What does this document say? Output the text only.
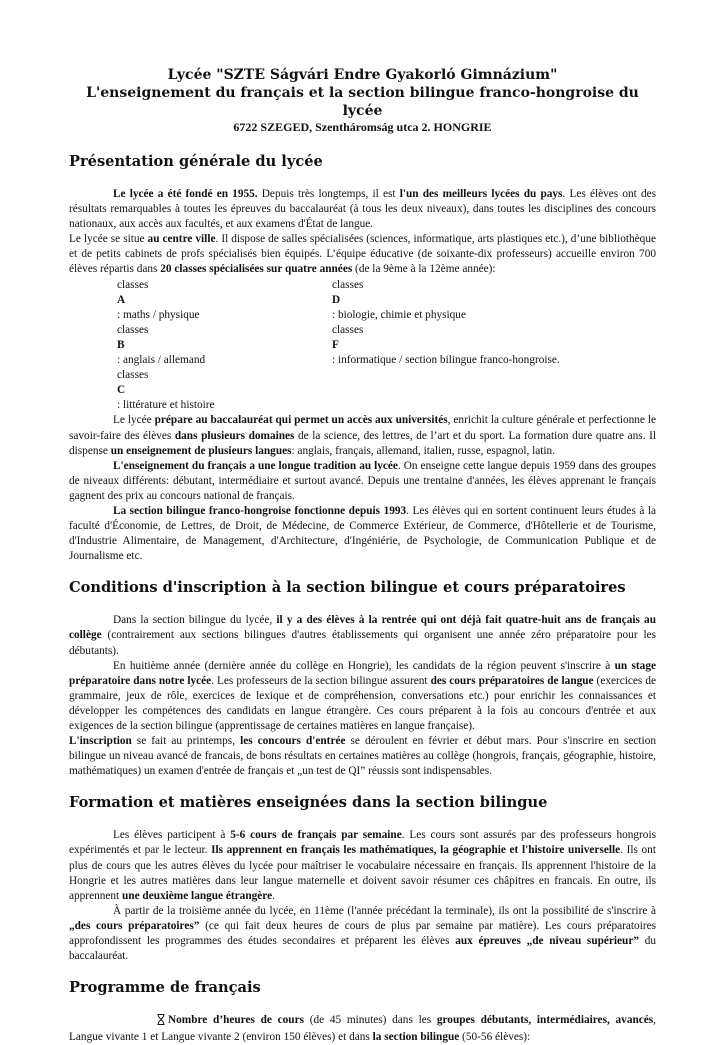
Lycée "SZTE Ságvári Endre Gyakorló Gimnázium"
L'enseignement du français et la section bilingue franco-hongroise du lycée
6722 SZEGED, Szentháromság utca 2. HONGRIE
Présentation générale du lycée

Le lycée a été fondé en 1955. Depuis très longtemps, il est l'un des meilleurs lycées du pays. Les élèves ont des résultats remarquables à toutes les épreuves du baccalauréat (à tous les deux niveaux), dans toutes les disciplines des concours nationaux, aux accès aux facultés, et aux examens d'État de langue.

Le lycée se situe au centre ville. Il dispose de salles spécialisées (sciences, informatique, arts plastiques etc.), d’une bibliothèque et de petits cabinets de profs spécialisés bien équipés. L’équipe éducative (de soixante-dix professeurs) accueille environ 700 élèves répartis dans 20 classes spécialisées sur quatre années (de la 9ème à la 12ème année):

classes
A
: maths / physique
classes
D
: biologie, chimie et physique
classes
B
: anglais / allemand
classes
F
: informatique / section bilingue franco-hongroise.
classes
C
: littérature et histoire

Le lycée prépare au baccalauréat qui permet un accès aux universités, enrichit la culture générale et perfectionne le savoir-faire des élèves dans plusieurs domaines de la science, des lettres, de l’art et du sport. La formation dure quatre ans. Il dispense un enseignement de plusieurs langues: anglais, français, allemand, italien, russe, espagnol, latin.

L'enseignement du français a une longue tradition au lycée. On enseigne cette langue depuis 1959 dans des groupes de niveaux différents: débutant, intermédiaire et surtout avancé. Depuis une trentaine d'années, les élèves apprenant le français gagnent des prix au concours national de français.

La section bilingue franco-hongroise fonctionne depuis 1993. Les élèves qui en sortent continuent leurs études à la faculté d'Économie, de Lettres, de Droit, de Médecine, de Commerce Extérieur, de Commerce, d'Hôtellerie et de Tourisme, d'Industrie Alimentaire, de Management, d'Architecture, d'Ingéniérie, de Psychologie, de Communication Publique et de Journalisme etc.

Conditions d'inscription à la section bilingue et cours préparatoires

Dans la section bilingue du lycée, il y a des élèves à la rentrée qui ont déjà fait quatre-huit ans de français au collège (contrairement aux sections bilingues d'autres établissements qui organisent une année zéro préparatoire pour les débutants).

En huitième année (dernière année du collège en Hongrie), les candidats de la région peuvent s'inscrire à un stage préparatoire dans notre lycée. Les professeurs de la section bilingue assurent des cours préparatoires de langue (exercices de grammaire, jeux de rôle, exercices de lexique et de compréhension, conversations etc.) pour enrichir les connaissances et développer les compétences des candidats en langue étrangère. Ces cours préparent à la fois au concours d'entrée et aux exigences de la section bilingue (apprentissage de certaines matières en langue française).

L'inscription se fait au printemps, les concours d'entrée se déroulent en février et début mars. Pour s'inscrire en section bilingue un niveau avancé de francais, de bons résultats en certaines matières au collège (hongrois, français, géographie, histoire, mathématiques) un examen d'entrée de français et „un test de QI” réussis sont indispensables.

Formation et matières enseignées dans la section bilingue

Les élèves participent à 5-6 cours de français par semaine. Les cours sont assurés par des professeurs hongrois expérimentés et par le lecteur. Ils apprennent en français les mathématiques, la géographie et l'histoire universelle. Ils ont plus de cours que les autres élèves du lycée pour maîtriser le vocabulaire nécessaire en français. Ils apprennent l'histoire de la Hongrie et les autres matières dans leur langue maternelle et doivent savoir résumer ces châpitres en francais. En outre, ils apprennent une deuxième langue étrangère.

À partir de la troisième année du lycée, en 11ème (l'année précédant la terminale), ils ont la possibilité de s'inscrire à „des cours préparatoires” (ce qui fait deux heures de cours de plus par semaine par matière). Les cours préparatoires approfondissent les programmes des études secondaires et préparent les élèves aux épreuves „de niveau supérieur” du baccalauréat.

Programme de français

Nombre d’heures de cours (de 45 minutes) dans les groupes débutants, intermédiaires, avancés, Langue vivante 1 et Langue vivante 2 (environ 150 élèves) et dans la section bilingue (50-56 élèves):
